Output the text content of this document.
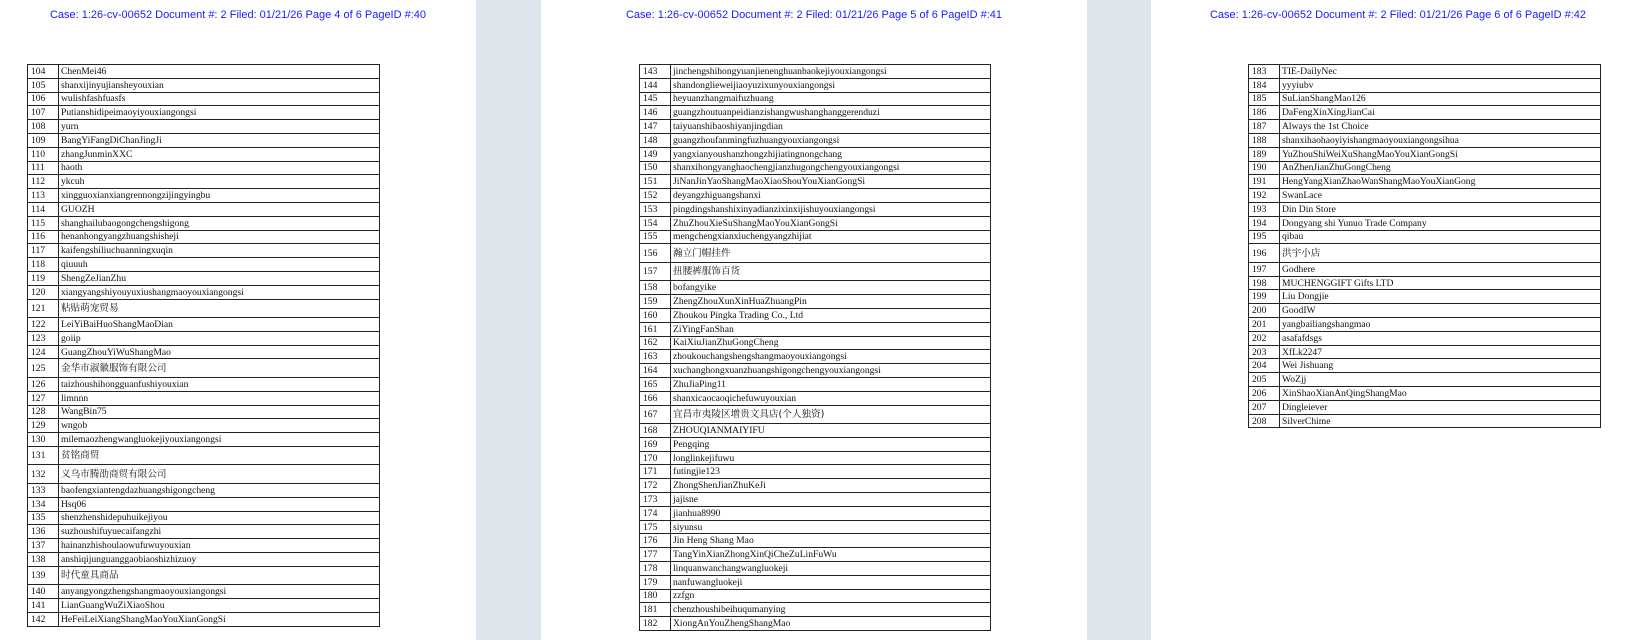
Case: 1:26-cv-00652 Document #: 2 Filed: 01/21/26 Page 4 of 6 PageID #:40
104	ChenMei46
105	shanxijinyujiansheyouxian
106	wulishfashfuasfs
107	Putianshidipeimaoyiyouxiangongsi
108	yurn
109	BangYiFangDiChanJingJi
110	zhangJunminXXC
111	haoth
112	ykcuh
113	xingguoxianxiangrennongzijingyingbu
114	GUOZH
115	shanghailubaogongchengshigong
116	henanhongyangzhuangshisheji
117	kaifengshiliuchuanningxuqin
118	qiuuuh
119	ShengZeJianZhu
120	xiangyangshiyouyuxiushangmaoyouxiangongsi
121	粘贴萌宠贸易
122	LeiYiBaiHuoShangMaoDian
123	goiip
124	GuangZhouYiWuShangMao
125	金华市淑徽服饰有限公司
126	taizhoushihongguanfushiyouxian
127	limnnn
128	WangBin75
129	wngob
130	milemaozhengwangluokejiyouxiangongsi
131	贫铭商贸
132	义乌市腾劭商贸有限公司
133	baofengxiantengdazhuangshigongcheng
134	Hsq06
135	shenzhenshidepuhuikejiyou
136	suzhoushifuyuecaifangzhi
137	hainanzhishoulaowufuwuyouxian
138	anshiqijunguanggaobiaoshizhizuoy
139	时代童具商品
140	anyangyongzhengshangmaoyouxiangongsi
141	LianGuangWuZiXiaoShou
142	HeFeiLeiXiangShangMaoYouXianGongSi
Case: 1:26-cv-00652 Document #: 2 Filed: 01/21/26 Page 5 of 6 PageID #:41
143	jinchengshihongyuanjienenghuanbaokejiyouxiangongsi
144	shandonglieweijiaoyuzixunyouxiangongsi
145	heyuanzhangmaifuzhuang
146	guangzhoutuanpeidianzishangwushanghanggerenduzi
147	taiyuanshibaoshiyanjingdian
148	guangzhoufanmingfuzhuangyouxiangongsi
149	yangxianyoushanzhongzhijiatingnongchang
150	shanxihongyanghaochengjianzhugongchengyouxiangongsi
151	JiNanJinYaoShangMaoXiaoShouYouXianGongSi
152	deyangzhiguangshanxi
153	pingdingshanshixinyadianzixinxijishuyouxiangongsi
154	ZhuZhouXieSuShangMaoYouXianGongSi
155	mengchengxianxiuchengyangzhijiat
156	瀚立门帽挂件
157	扭腰裤服饰百货
158	bofangyike
159	ZhengZhouXunXinHuaZhuangPin
160	Zhoukou Pingka Trading Co., Ltd
161	ZiYingFanShan
162	KaiXiuJianZhuGongCheng
163	zhoukouchangshengshangmaoyouxiangongsi
164	xuchanghongxuanzhuangshigongchengyouxiangongsi
165	ZhuJiaPing11
166	shanxicaocaoqichefuwuyouxian
167	宜昌市夷陵区增贵文具店(个人独资)
168	ZHOUQIANMAIYIFU
169	Pengqing
170	longlinkejifuwu
171	futingjie123
172	ZhongShenJianZhuKeJi
173	jajisne
174	jianhua8990
175	siyunsu
176	Jin Heng Shang Mao
177	TangYinXianZhongXinQiCheZuLinFuWu
178	linquanwanchangwangluokeji
179	nanfuwangluokeji
180	zzfgn
181	chenzhoushibeihuqumanying
182	XiongAnYouZhengShangMao
Case: 1:26-cv-00652 Document #: 2 Filed: 01/21/26 Page 6 of 6 PageID #:42
183	TIE-DailyNec
184	yyyiubv
185	SuLianShangMao126
186	DaFengXinXingJianCai
187	Always the 1st Choice
188	shanxihaohaoyiyishangmaoyouxiangongsihua
189	YuZhouShiWeiXuShangMaoYouXianGongSi
190	AnZhenJianZhuGongCheng
191	HengYangXianZhaoWanShangMaoYouXianGong
192	SwanLace
193	Din Din Store
194	Dongyang shi Yunuo Trade Company
195	qibau
196	洪宇小店
197	Godhere
198	MUCHENGGIFT Gifts LTD
199	Liu Dongjie
200	GoodIW
201	yangbailiangshangmao
202	asafafdsgs
203	XfLk2247
204	Wei Jishuang
205	WoZjj
206	XinShaoXianAnQingShangMao
207	Dingleiever
208	SilverChime
